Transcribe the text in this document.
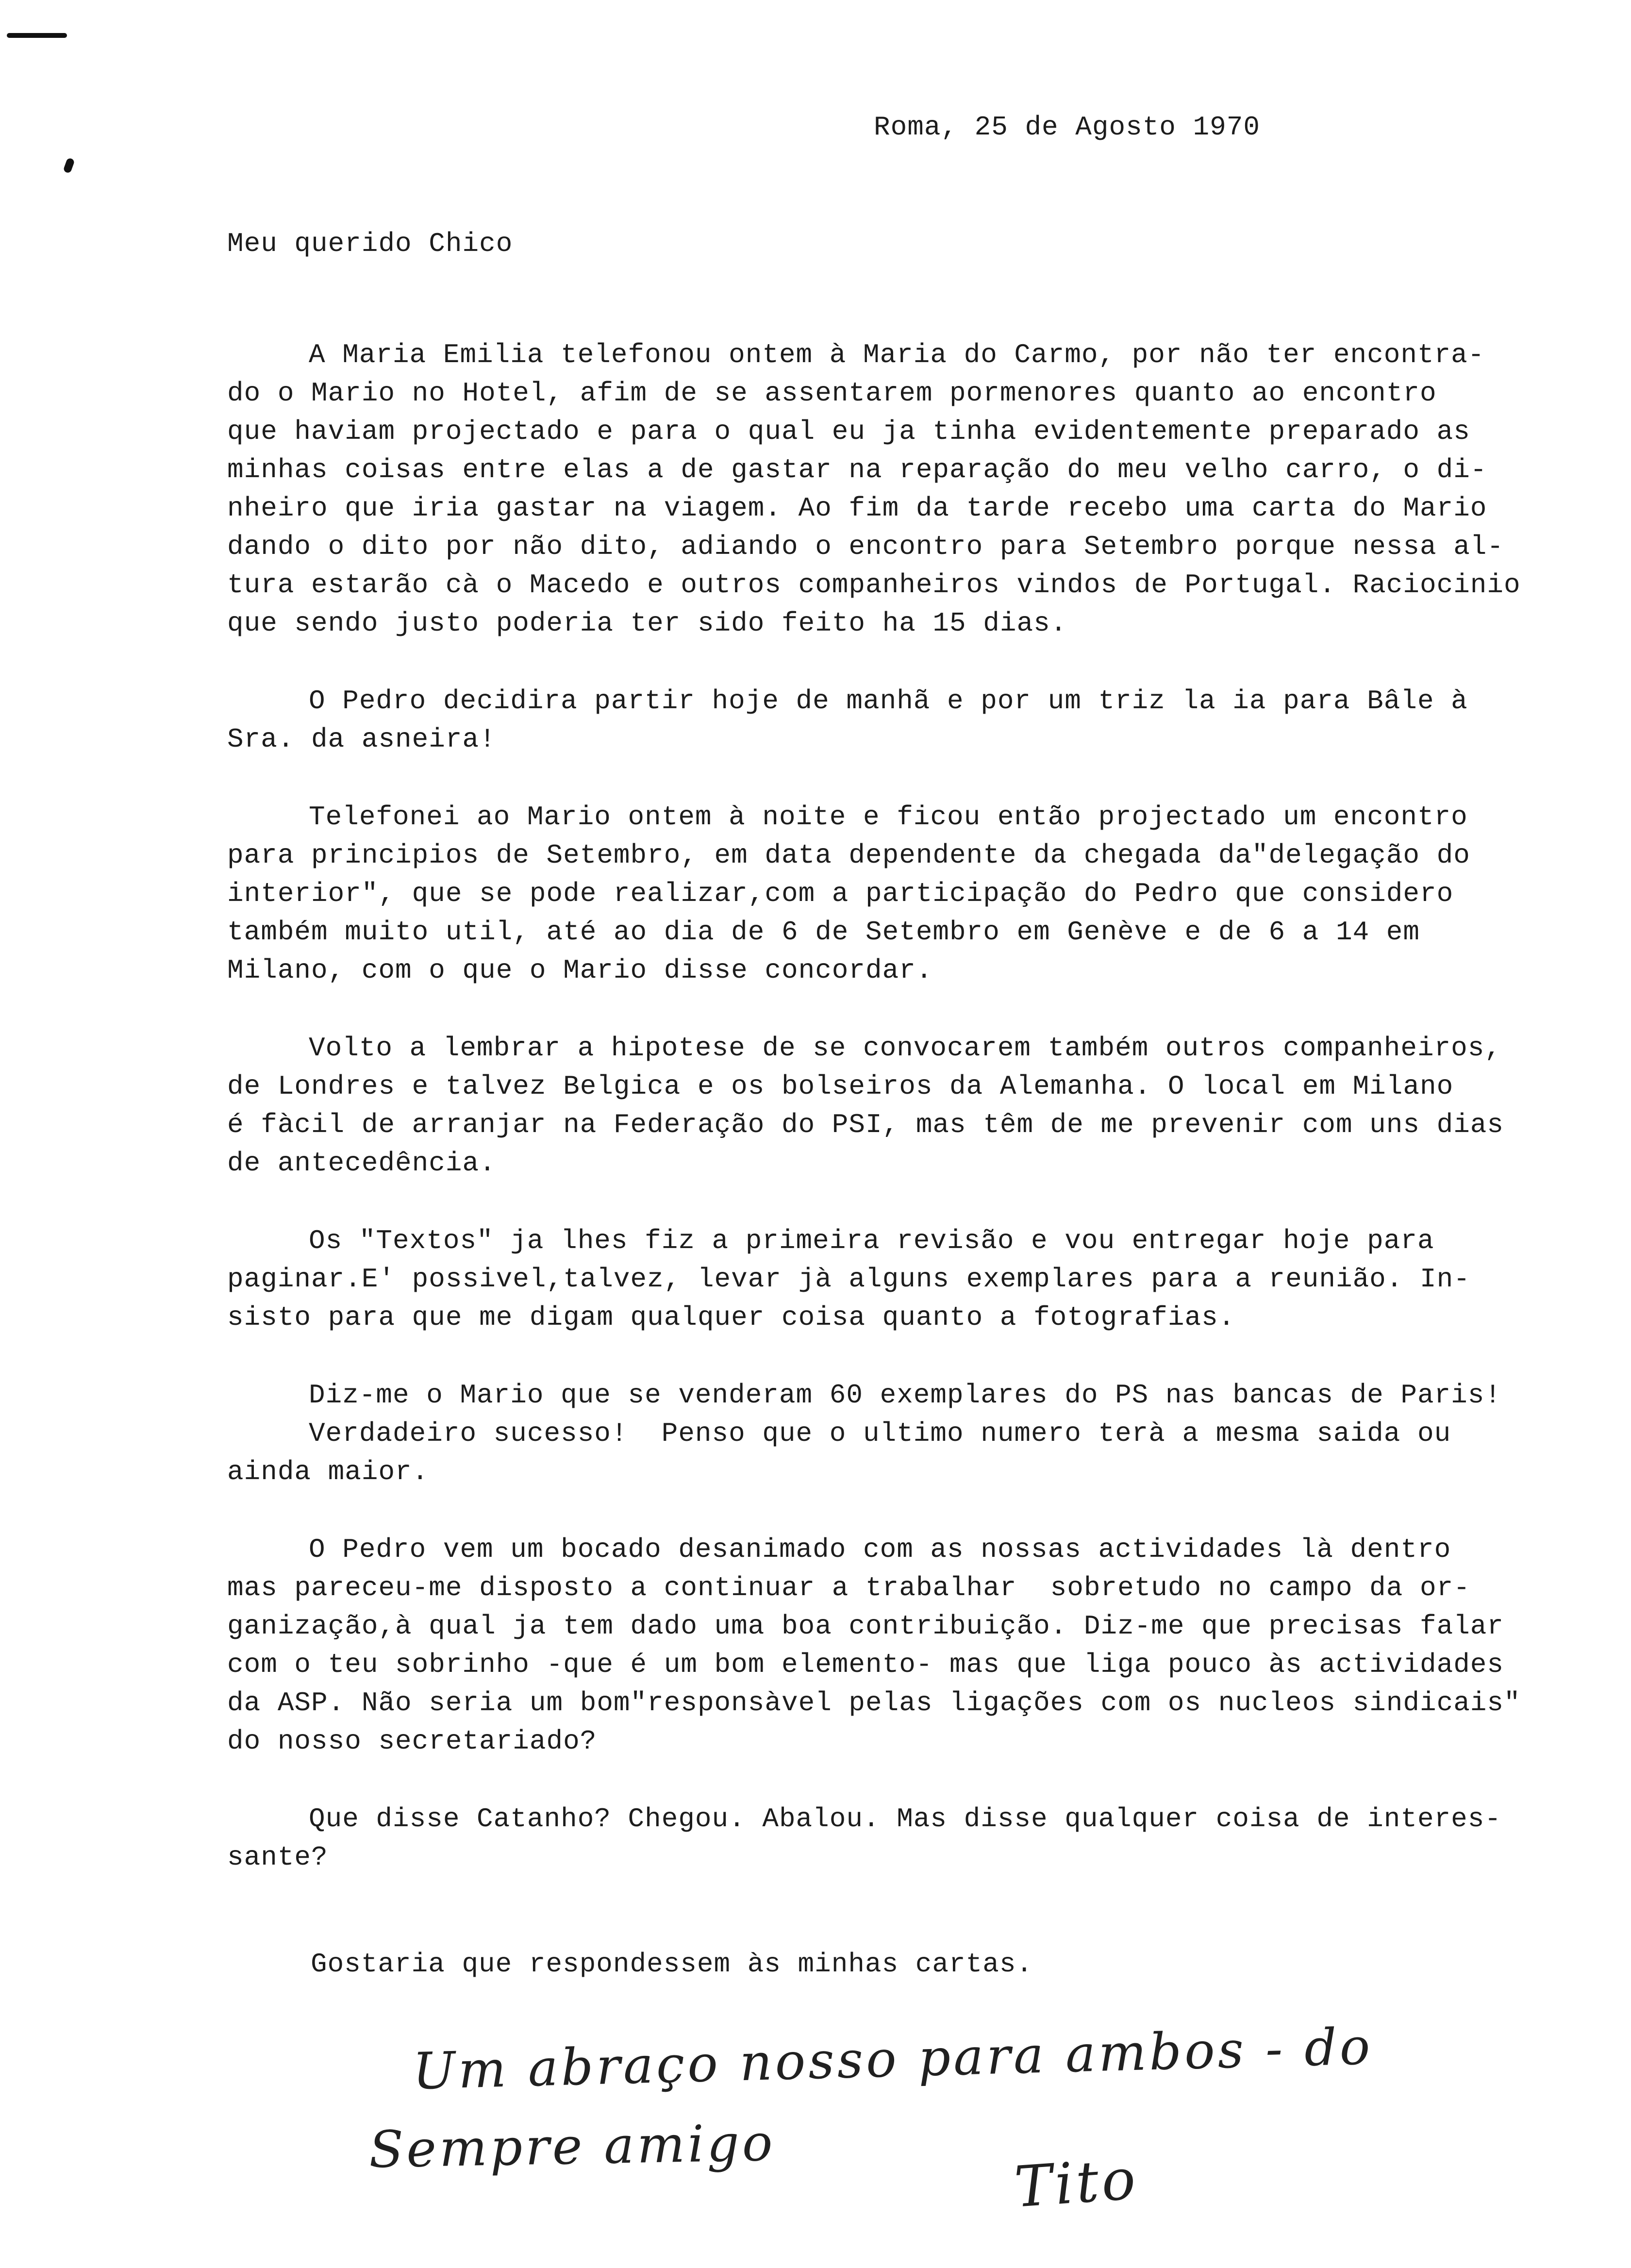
Roma, 25 de Agosto 1970
Meu querido Chico
A Maria Emilia telefonou ontem à Maria do Carmo, por não ter encontra-
do o Mario no Hotel, afim de se assentarem pormenores quanto ao encontro
que haviam projectado e para o qual eu ja tinha evidentemente preparado as
minhas coisas entre elas a de gastar na reparação do meu velho carro, o di-
nheiro que iria gastar na viagem. Ao fim da tarde recebo uma carta do Mario
dando o dito por não dito, adiando o encontro para Setembro porque nessa al-
tura estarão cà o Macedo e outros companheiros vindos de Portugal. Raciocinio
que sendo justo poderia ter sido feito ha 15 dias.
O Pedro decidira partir hoje de manhã e por um triz la ia para Bâle à
Sra. da asneira!
Telefonei ao Mario ontem à noite e ficou então projectado um encontro
para principios de Setembro, em data dependente da chegada da"delegação do
interior", que se pode realizar,com a participação do Pedro que considero
também muito util, até ao dia de 6 de Setembro em Genève e de 6 a 14 em
Milano, com o que o Mario disse concordar.
Volto a lembrar a hipotese de se convocarem também outros companheiros,
de Londres e talvez Belgica e os bolseiros da Alemanha. O local em Milano
é fàcil de arranjar na Federação do PSI, mas têm de me prevenir com uns dias
de antecedência.
Os "Textos" ja lhes fiz a primeira revisão e vou entregar hoje para
paginar.E' possivel,talvez, levar jà alguns exemplares para a reunião. In-
sisto para que me digam qualquer coisa quanto a fotografias.
Diz-me o Mario que se venderam 60 exemplares do PS nas bancas de Paris!
Verdadeiro sucesso!  Penso que o ultimo numero terà a mesma saida ou
ainda maior.
O Pedro vem um bocado desanimado com as nossas actividades là dentro
mas pareceu-me disposto a continuar a trabalhar  sobretudo no campo da or-
ganização,à qual ja tem dado uma boa contribuição. Diz-me que precisas falar
com o teu sobrinho -que é um bom elemento- mas que liga pouco às actividades
da ASP. Não seria um bom"responsàvel pelas ligações com os nucleos sindicais"
do nosso secretariado?
Que disse Catanho? Chegou. Abalou. Mas disse qualquer coisa de interes-
sante?
Gostaria que respondessem às minhas cartas.
Um abraço nosso para ambos - do
Sempre amigo
Tito
